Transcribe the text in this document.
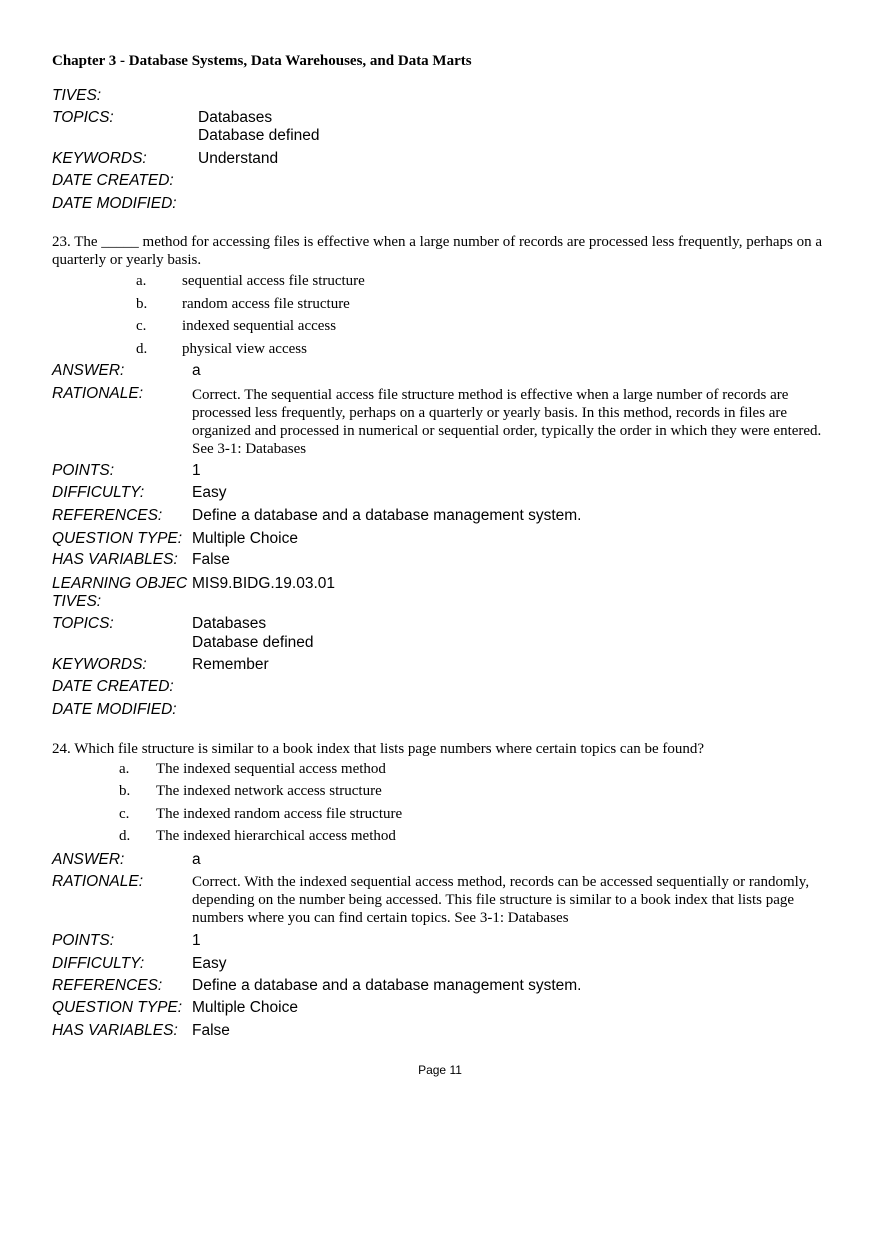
Chapter 3 - Database Systems, Data Warehouses, and Data Marts
TIVES:
TOPICS:	Databases
Database defined
KEYWORDS:	Understand
DATE CREATED:
DATE MODIFIED:
23. The _____ method for accessing files is effective when a large number of records are processed less frequently, perhaps on a quarterly or yearly basis.
a. sequential access file structure
b. random access file structure
c. indexed sequential access
d. physical view access
ANSWER:	a
RATIONALE:	Correct. The sequential access file structure method is effective when a large number of records are processed less frequently, perhaps on a quarterly or yearly basis. In this method, records in files are organized and processed in numerical or sequential order, typically the order in which they were entered. See 3-1: Databases
POINTS:	1
DIFFICULTY:	Easy
REFERENCES: Define a database and a database management system.
QUESTION TYPE: Multiple Choice
HAS VARIABLES: False
LEARNING OBJEC MIS9.BIDG.19.03.01
TIVES:
TOPICS:	Databases
Database defined
KEYWORDS:	Remember
DATE CREATED:
DATE MODIFIED:
24. Which file structure is similar to a book index that lists page numbers where certain topics can be found?
a. The indexed sequential access method
b. The indexed network access structure
c. The indexed random access file structure
d. The indexed hierarchical access method
ANSWER:	a
RATIONALE:	Correct. With the indexed sequential access method, records can be accessed sequentially or randomly, depending on the number being accessed. This file structure is similar to a book index that lists page numbers where you can find certain topics. See 3-1: Databases
POINTS:	1
DIFFICULTY:	Easy
REFERENCES: Define a database and a database management system.
QUESTION TYPE: Multiple Choice
HAS VARIABLES: False
Page 11
